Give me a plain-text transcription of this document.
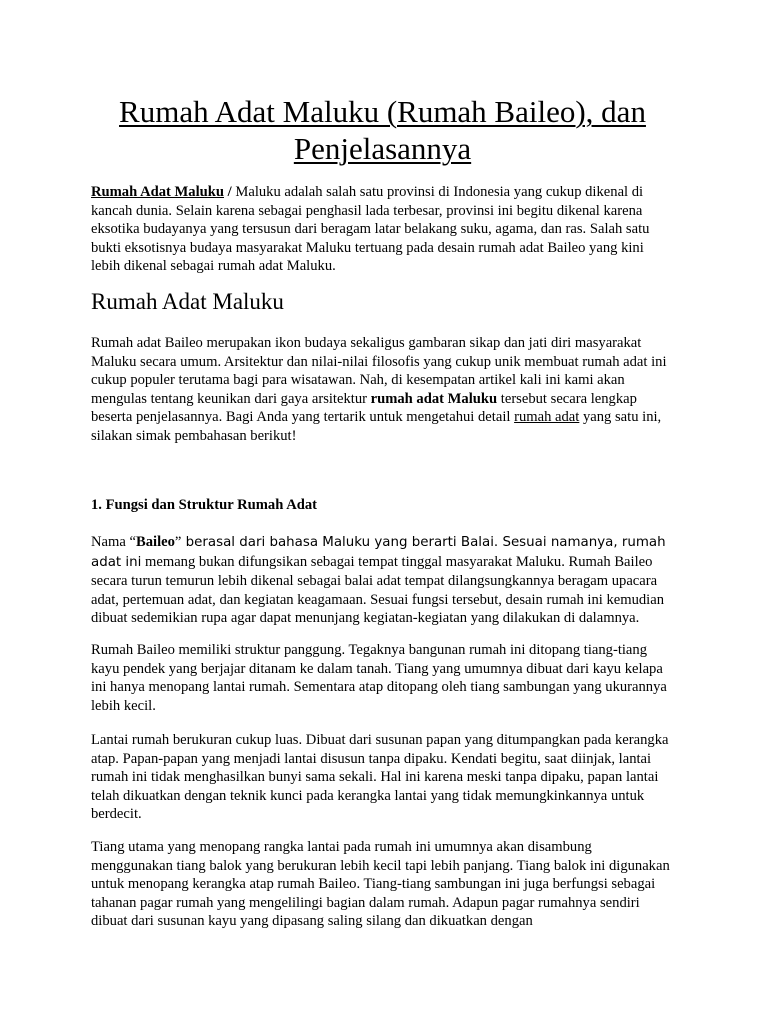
Rumah Adat Maluku (Rumah Baileo), dan Penjelasannya

Rumah Adat Maluku / Maluku adalah salah satu provinsi di Indonesia yang cukup dikenal di kancah dunia. Selain karena sebagai penghasil lada terbesar, provinsi ini begitu dikenal karena eksotika budayanya yang tersusun dari beragam latar belakang suku, agama, dan ras. Salah satu bukti eksotisnya budaya masyarakat Maluku tertuang pada desain rumah adat Baileo yang kini lebih dikenal sebagai rumah adat Maluku.

Rumah Adat Maluku

Rumah adat Baileo merupakan ikon budaya sekaligus gambaran sikap dan jati diri masyarakat Maluku secara umum. Arsitektur dan nilai-nilai filosofis yang cukup unik membuat rumah adat ini cukup populer terutama bagi para wisatawan. Nah, di kesempatan artikel kali ini kami akan mengulas tentang keunikan dari gaya arsitektur rumah adat Maluku tersebut secara lengkap beserta penjelasannya. Bagi Anda yang tertarik untuk mengetahui detail rumah adat yang satu ini, silakan simak pembahasan berikut!

1. Fungsi dan Struktur Rumah Adat

Nama “Baileo” berasal dari bahasa Maluku yang berarti Balai. Sesuai namanya, rumah adat ini memang bukan difungsikan sebagai tempat tinggal masyarakat Maluku. Rumah Baileo secara turun temurun lebih dikenal sebagai balai adat tempat dilangsungkannya beragam upacara adat, pertemuan adat, dan kegiatan keagamaan. Sesuai fungsi tersebut, desain rumah ini kemudian dibuat sedemikian rupa agar dapat menunjang kegiatan-kegiatan yang dilakukan di dalamnya.

Rumah Baileo memiliki struktur panggung. Tegaknya bangunan rumah ini ditopang tiang-tiang kayu pendek yang berjajar ditanam ke dalam tanah. Tiang yang umumnya dibuat dari kayu kelapa ini hanya menopang lantai rumah. Sementara atap ditopang oleh tiang sambungan yang ukurannya lebih kecil.

Lantai rumah berukuran cukup luas. Dibuat dari susunan papan yang ditumpangkan pada kerangka atap. Papan-papan yang menjadi lantai disusun tanpa dipaku. Kendati begitu, saat diinjak, lantai rumah ini tidak menghasilkan bunyi sama sekali. Hal ini karena meski tanpa dipaku, papan lantai telah dikuatkan dengan teknik kunci pada kerangka lantai yang tidak memungkinkannya untuk berdecit.

Tiang utama yang menopang rangka lantai pada rumah ini umumnya akan disambung menggunakan tiang balok yang berukuran lebih kecil tapi lebih panjang. Tiang balok ini digunakan untuk menopang kerangka atap rumah Baileo. Tiang-tiang sambungan ini juga berfungsi sebagai tahanan pagar rumah yang mengelilingi bagian dalam rumah. Adapun pagar rumahnya sendiri dibuat dari susunan kayu yang dipasang saling silang dan dikuatkan dengan
